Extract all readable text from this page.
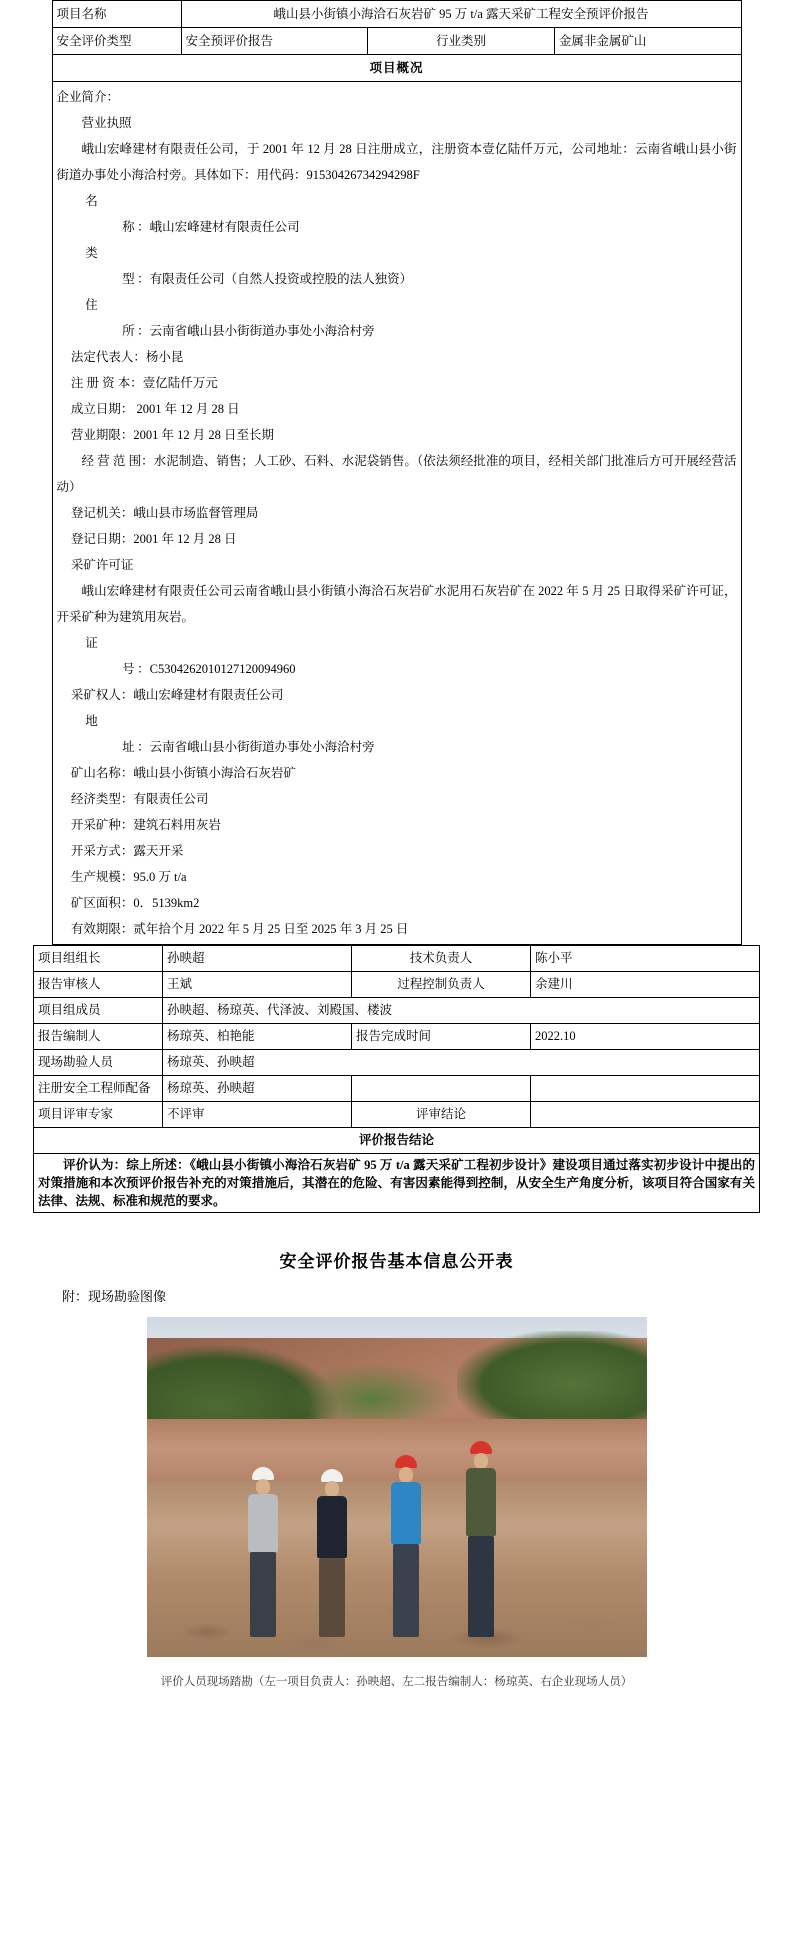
项目名称	峨山县小街镇小海洽石灰岩矿 95 万 t/a 露天采矿工程安全预评价报告		
安全评价类型	安全预评价报告	行业类别	金属非金属矿山
项目概况			

企业简介：

营业执照

峨山宏峰建材有限责任公司，于 2001 年 12 月 28 日注册成立，注册资本壹亿陆仟万元，公司地址：云南省峨山县小街街道办事处小海洽村旁。具体如下：用代码：91530426734294298F

名称 ：峨山宏峰建材有限责任公司

类型 ：有限责任公司（自然人投资或控股的法人独资）

住所 ：云南省峨山县小街街道办事处小海洽村旁

法定代表人：杨小昆

注 册 资 本：壹亿陆仟万元

成立日期： 2001 年 12 月 28 日

营业期限：2001 年 12 月 28 日至长期

经 营 范 围：水泥制造、销售；人工砂、石料、水泥袋销售。（依法须经批准的项目，经相关部门批准后方可开展经营活动）

登记机关：峨山县市场监督管理局

登记日期：2001 年 12 月 28 日

采矿许可证

峨山宏峰建材有限责任公司云南省峨山县小街镇小海洽石灰岩矿水泥用石灰岩矿在 2022 年 5 月 25 日取得采矿许可证，开采矿种为建筑用灰岩。

证号 ：C5304262010127120094960

采矿权人：峨山宏峰建材有限责任公司

地址 ：云南省峨山县小街街道办事处小海洽村旁

矿山名称：峨山县小街镇小海洽石灰岩矿

经济类型：有限责任公司

开采矿种：建筑石料用灰岩

开采方式：露天开采

生产规模：95.0 万 t/a

矿区面积：0．5139km2

有效期限：贰年拾个月 2022 年 5 月 25 日至 2025 年 3 月 25 日

项目组组长	孙映超	技术负责人	陈小平
报告审核人	王斌	过程控制负责人	余建川
项目组成员	孙映超、杨琼英、代泽波、刘殿国、楼波		
报告编制人	杨琼英、柏艳能	报告完成时间	2022.10
现场勘验人员	杨琼英、孙映超		
注册安全工程师配备	杨琼英、孙映超		
项目评审专家	不评审	评审结论	
评价报告结论			
评价认为：综上所述：《峨山县小街镇小海洽石灰岩矿 95 万 t/a 露天采矿工程初步设计》建设项目通过落实初步设计中提出的对策措施和本次预评价报告补充的对策措施后，其潜在的危险、有害因素能得到控制，从安全生产角度分析，该项目符合国家有关法律、法规、标准和规范的要求。			
安全评价报告基本信息公开表
附：现场勘验图像
评价人员现场踏勘（左一项目负责人：孙映超、左二报告编制人：杨琼英、右企业现场人员）
